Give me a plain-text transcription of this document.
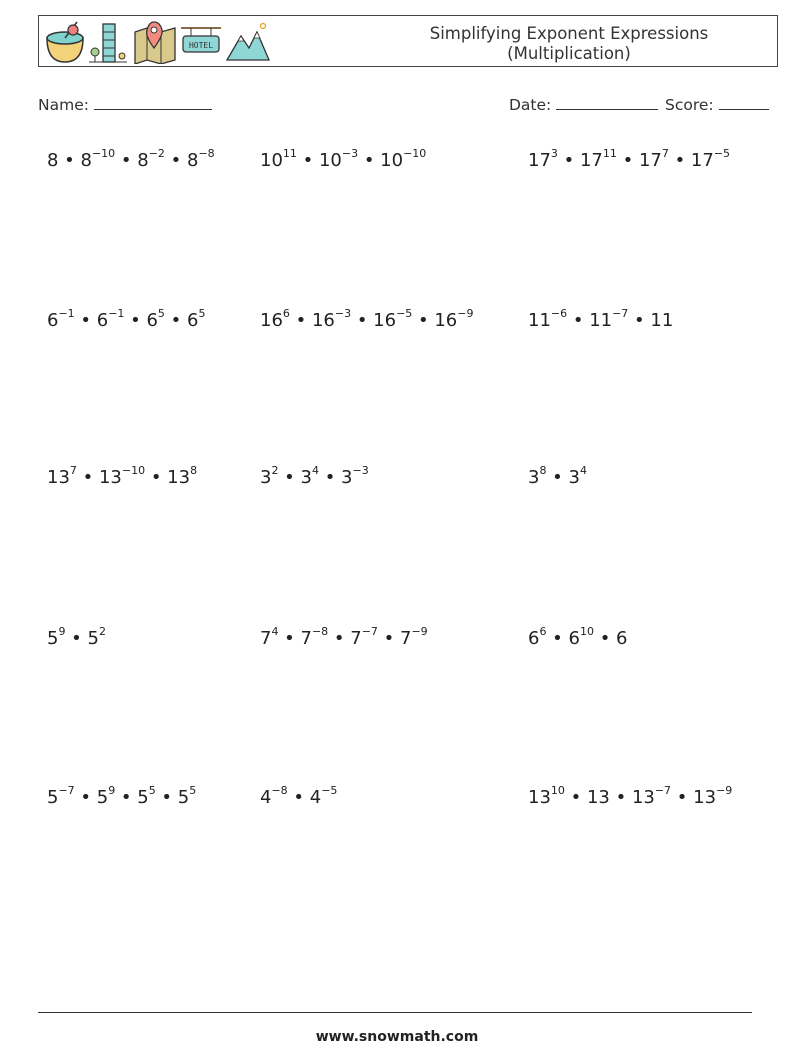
HOTEL
Simplifying Exponent Expressions
(Multiplication)
Name:	Date:	Score:
8 • $8^{-10}$ • $8^{-2}$ • $8^{-8}$	$10^{11}$ • $10^{-3}$ • $10^{-10}$	$17^3$ • $17^{11}$ • $17^7$ • $17^{-5}$
$6^{-1}$ • $6^{-1}$ • $6^5$ • $6^5$	$16^6$ • $16^{-3}$ • $16^{-5}$ • $16^{-9}$	$11^{-6}$ • $11^{-7}$ • 11
$13^7$ • $13^{-10}$ • $13^8$	$3^2$ • $3^4$ • $3^{-3}$	$3^8$ • $3^4$
$5^9$ • $5^2$	$7^4$ • $7^{-8}$ • $7^{-7}$ • $7^{-9}$	$6^6$ • $6^{10}$ • 6
$5^{-7}$ • $5^9$ • $5^5$ • $5^5$	$4^{-8}$ • $4^{-5}$	$13^{10}$ • 13 • $13^{-7}$ • $13^{-9}$
www.snowmath.com
